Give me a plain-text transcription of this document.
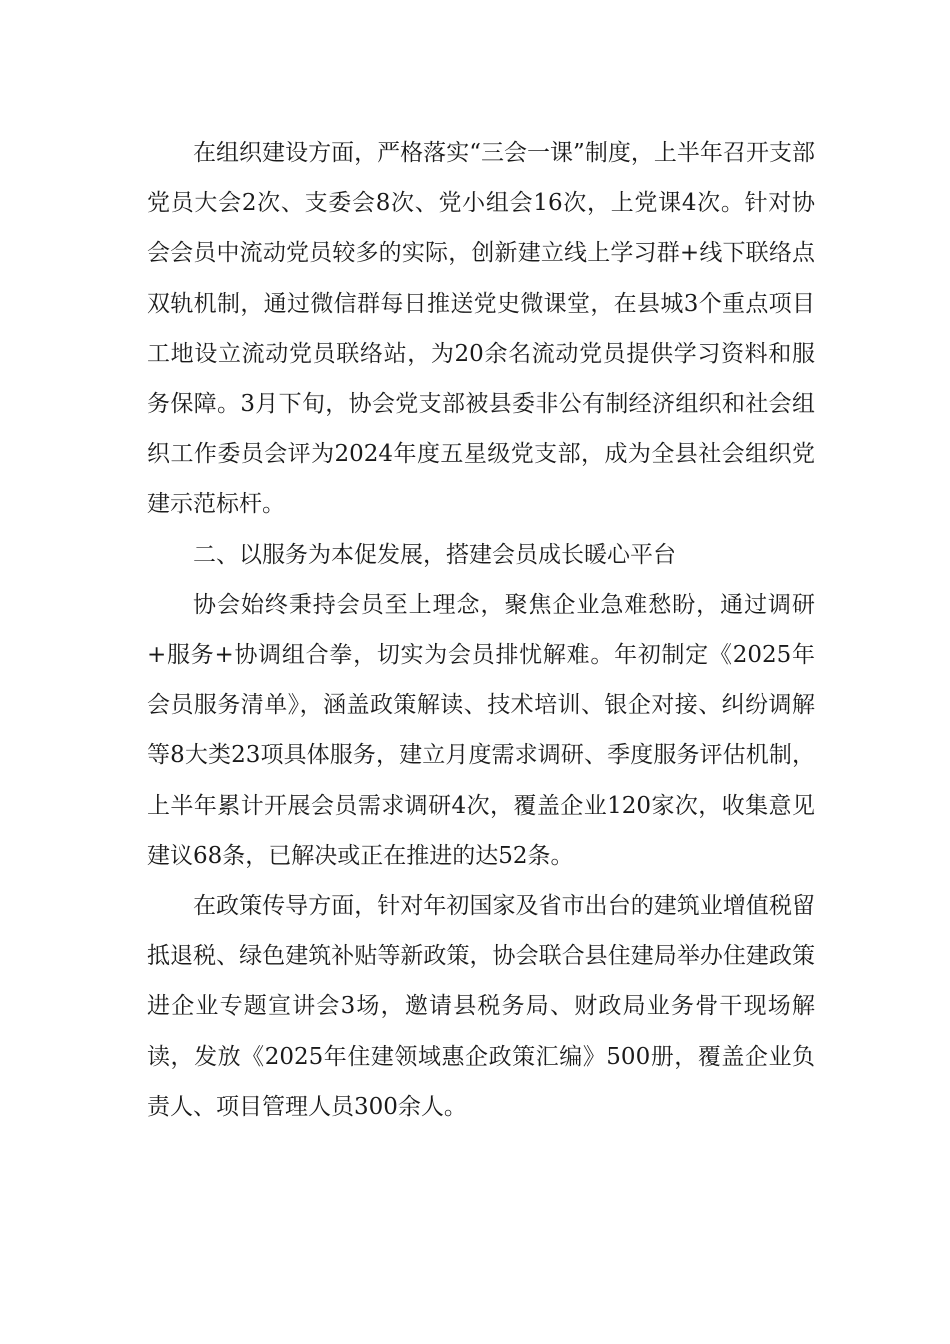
在组织建设方面，严格落实“三会一课”制度，上半年召开支部党员大会2次、支委会8次、党小组会16次，上党课4次。针对协会会员中流动党员较多的实际，创新建立线上学习群+线下联络点双轨机制，通过微信群每日推送党史微课堂，在县城3个重点项目工地设立流动党员联络站，为20余名流动党员提供学习资料和服务保障。3月下旬，协会党支部被县委非公有制经济组织和社会组织工作委员会评为2024年度五星级党支部，成为全县社会组织党建示范标杆。

二、以服务为本促发展，搭建会员成长暖心平台

协会始终秉持会员至上理念，聚焦企业急难愁盼，通过调研+服务+协调组合拳，切实为会员排忧解难。年初制定《2025年会员服务清单》，涵盖政策解读、技术培训、银企对接、纠纷调解等8大类23项具体服务，建立月度需求调研、季度服务评估机制，上半年累计开展会员需求调研4次，覆盖企业120家次，收集意见建议68条，已解决或正在推进的达52条。

在政策传导方面，针对年初国家及省市出台的建筑业增值税留抵退税、绿色建筑补贴等新政策，协会联合县住建局举办住建政策进企业专题宣讲会3场，邀请县税务局、财政局业务骨干现场解读，发放《2025年住建领域惠企政策汇编》500册，覆盖企业负责人、项目管理人员300余人。
